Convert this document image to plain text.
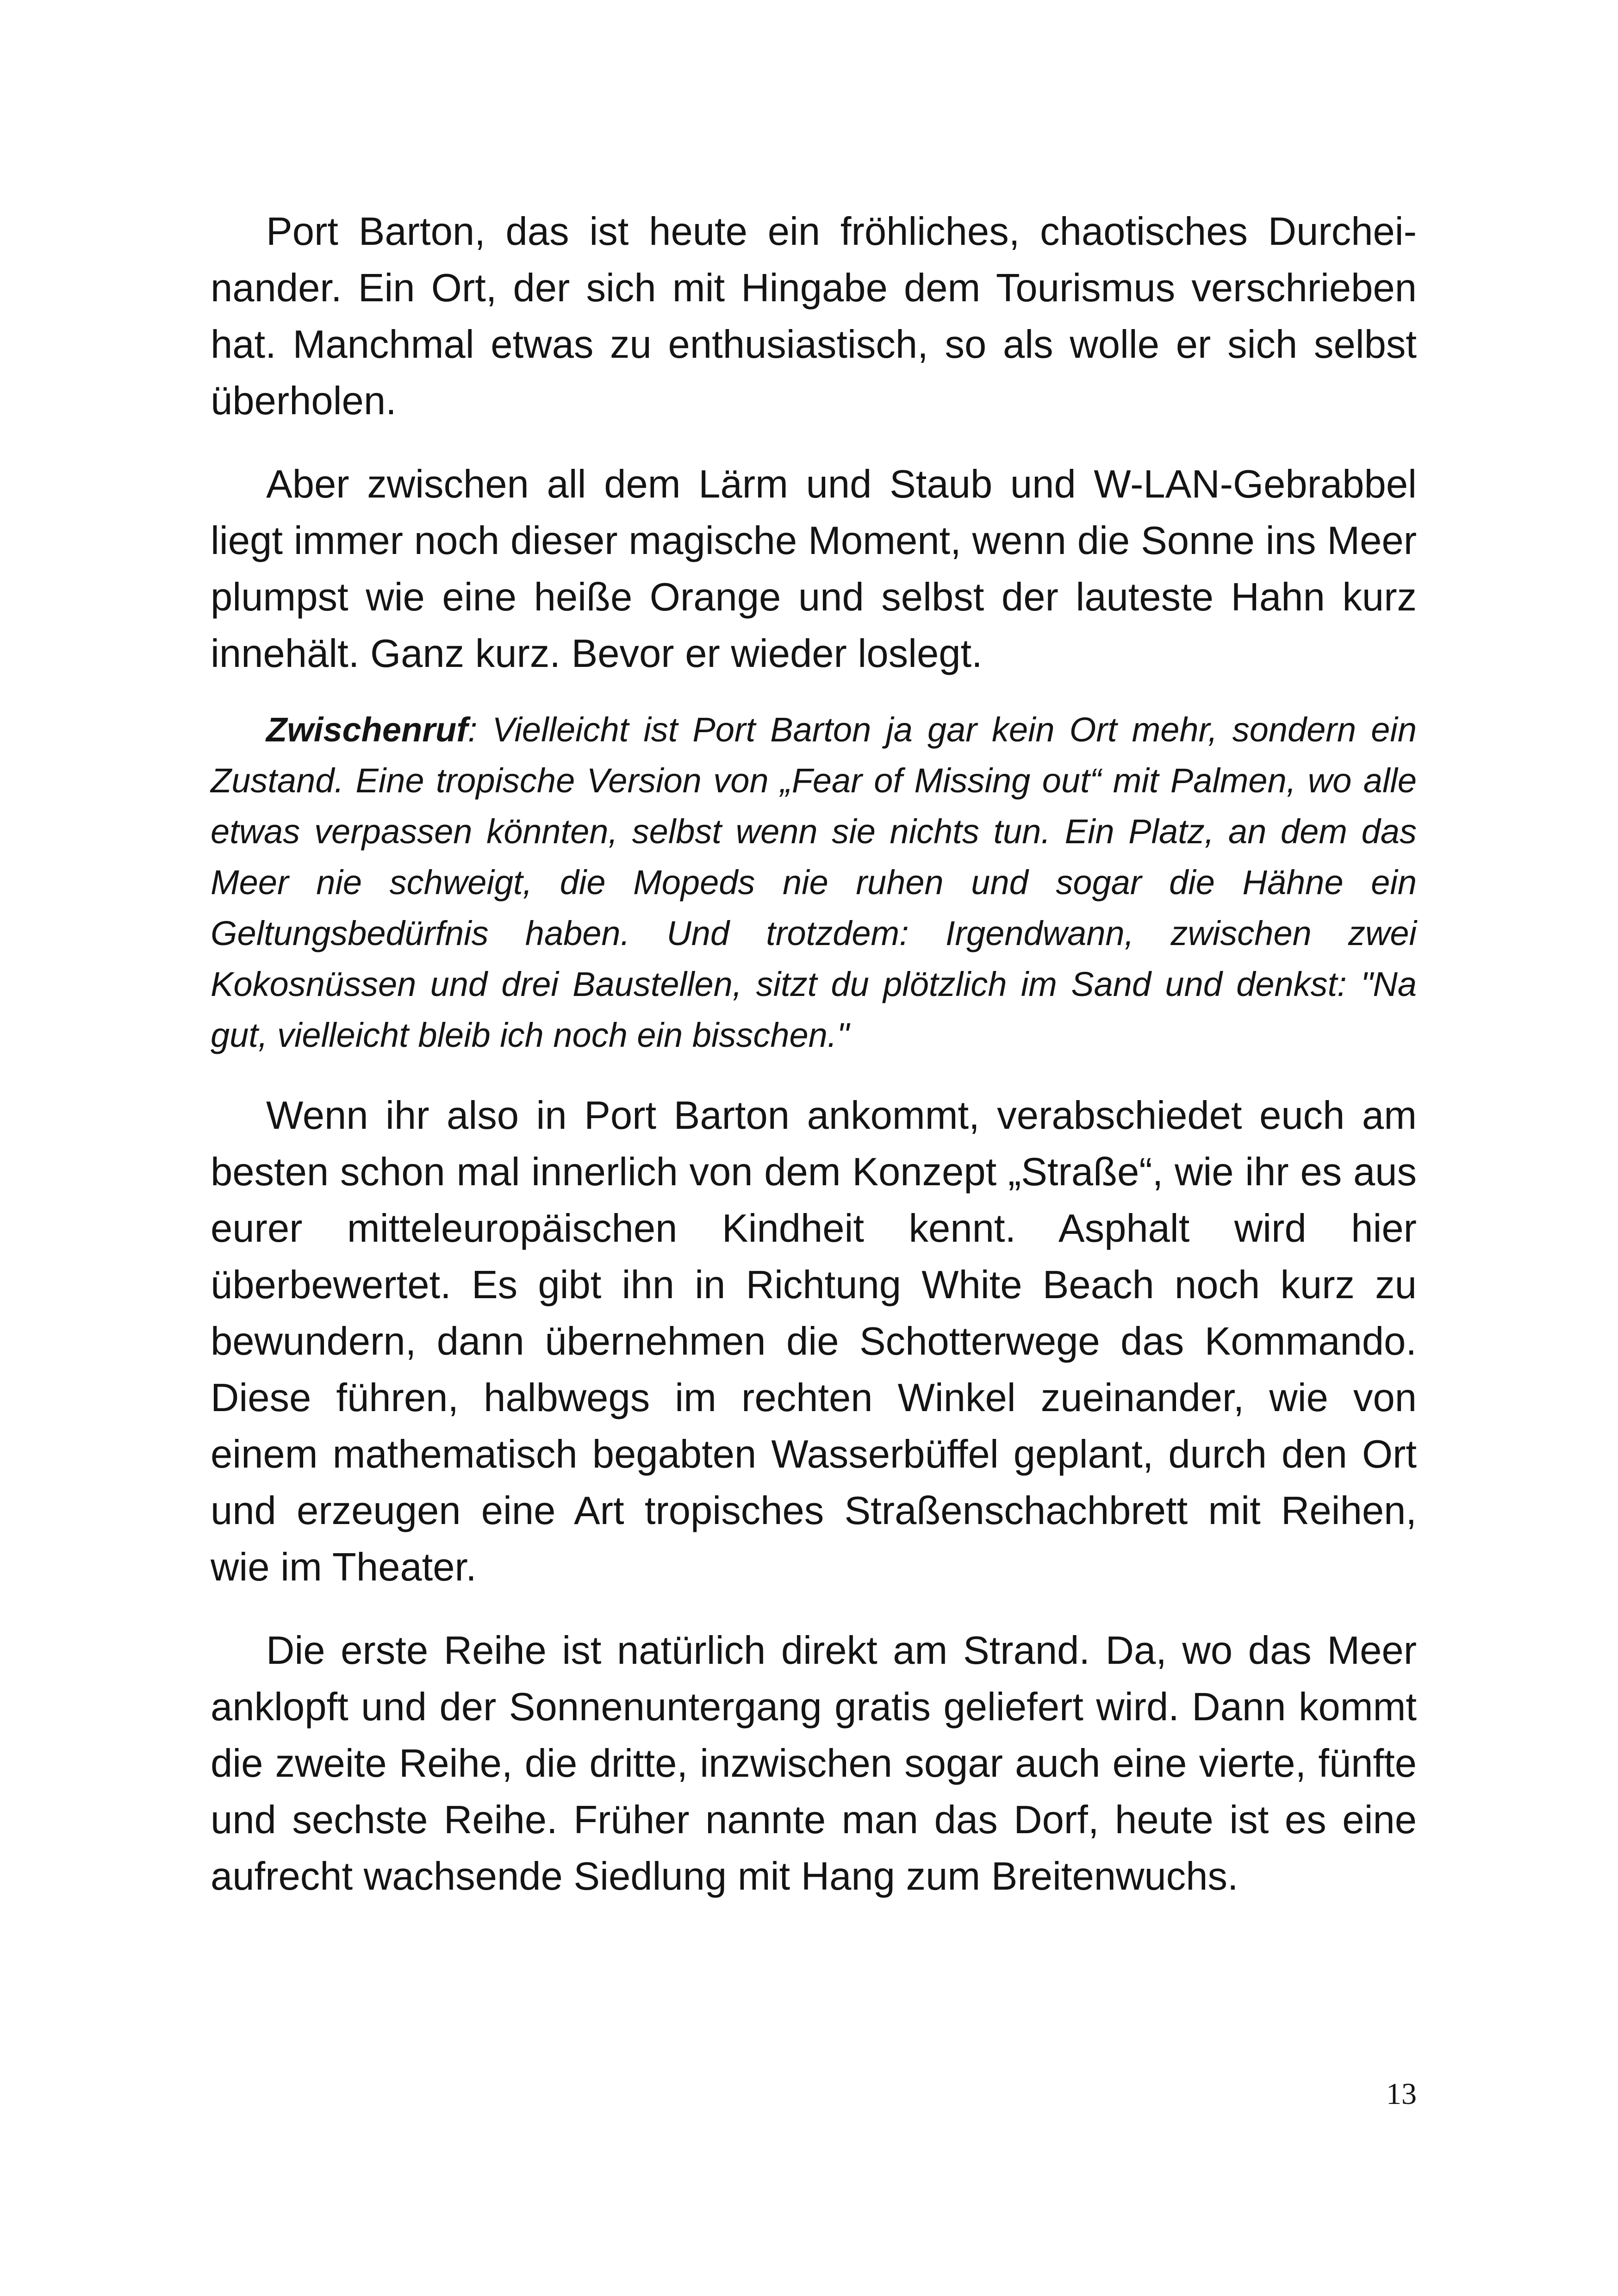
Port Barton, das ist heute ein fröhliches, chaotisches Durcheinander. Ein Ort, der sich mit Hingabe dem Tourismus verschrieben hat. Manchmal etwas zu enthusiastisch, so als wolle er sich selbst überholen.

Aber zwischen all dem Lärm und Staub und W-LAN-Gebrabbel liegt immer noch dieser magische Moment, wenn die Sonne ins Meer plumpst wie eine heiße Orange und selbst der lauteste Hahn kurz innehält. Ganz kurz. Bevor er wieder loslegt.

Zwischenruf: Vielleicht ist Port Barton ja gar kein Ort mehr, sondern ein Zustand. Eine tropische Version von „Fear of Missing out“ mit Palmen, wo alle etwas verpassen könnten, selbst wenn sie nichts tun. Ein Platz, an dem das Meer nie schweigt, die Mopeds nie ruhen und sogar die Hähne ein Geltungsbedürfnis haben. Und trotzdem: Irgendwann, zwischen zwei Kokosnüssen und drei Baustellen, sitzt du plötzlich im Sand und denkst: "Na gut, vielleicht bleib ich noch ein bisschen."

Wenn ihr also in Port Barton ankommt, verabschiedet euch am besten schon mal innerlich von dem Konzept „Straße“, wie ihr es aus eurer mitteleuropäischen Kindheit kennt. Asphalt wird hier überbewertet. Es gibt ihn in Richtung White Beach noch kurz zu bewundern, dann übernehmen die Schotterwege das Kommando. Diese führen, halbwegs im rechten Winkel zueinander, wie von einem mathematisch begabten Wasserbüffel geplant, durch den Ort und erzeugen eine Art tropisches Straßenschachbrett mit Reihen, wie im Theater.

Die erste Reihe ist natürlich direkt am Strand. Da, wo das Meer anklopft und der Sonnenuntergang gratis geliefert wird. Dann kommt die zweite Reihe, die dritte, inzwischen sogar auch eine vierte, fünfte und sechste Reihe. Früher nannte man das Dorf, heute ist es eine aufrecht wachsende Siedlung mit Hang zum Breitenwuchs.

13
